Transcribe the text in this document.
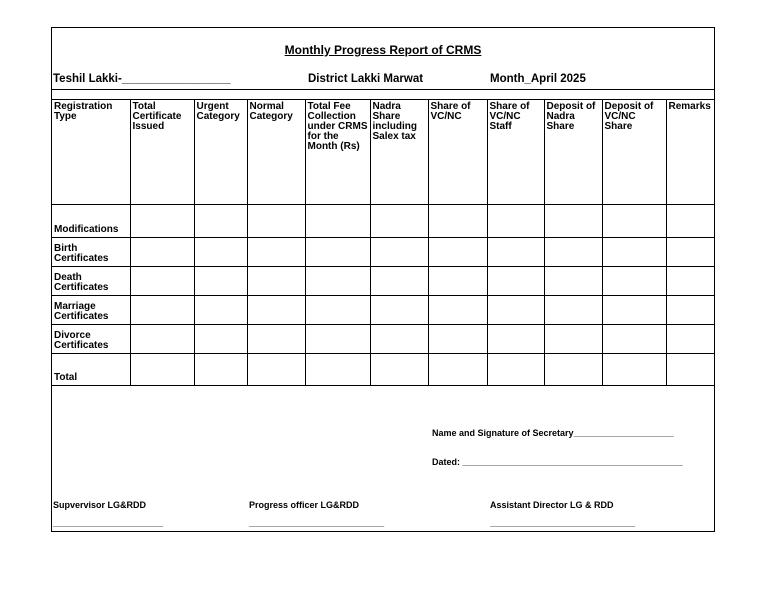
Monthly Progress Report of CRMS
Teshil Lakki-_________________	District Lakki Marwat	Month_April 2025
Registration Type	Total Certificate Issued	Urgent Category	Normal Category	Total Fee Collection under CRMS for the Month (Rs)	Nadra Share including Salex tax	Share of VC/NC	Share of VC/NC Staff	Deposit of Nadra Share	Deposit of VC/NC Share	Remarks
Modifications										
Birth Certificates										
Death Certificates										
Marriage Certificates										
Divorce Certificates										
Total										
Name and Signature of Secretary____________________
Dated: ____________________________________________
Supvervisor LG&RDD
______________________
Progress officer LG&RDD
___________________________
Assistant Director LG & RDD
_____________________________
